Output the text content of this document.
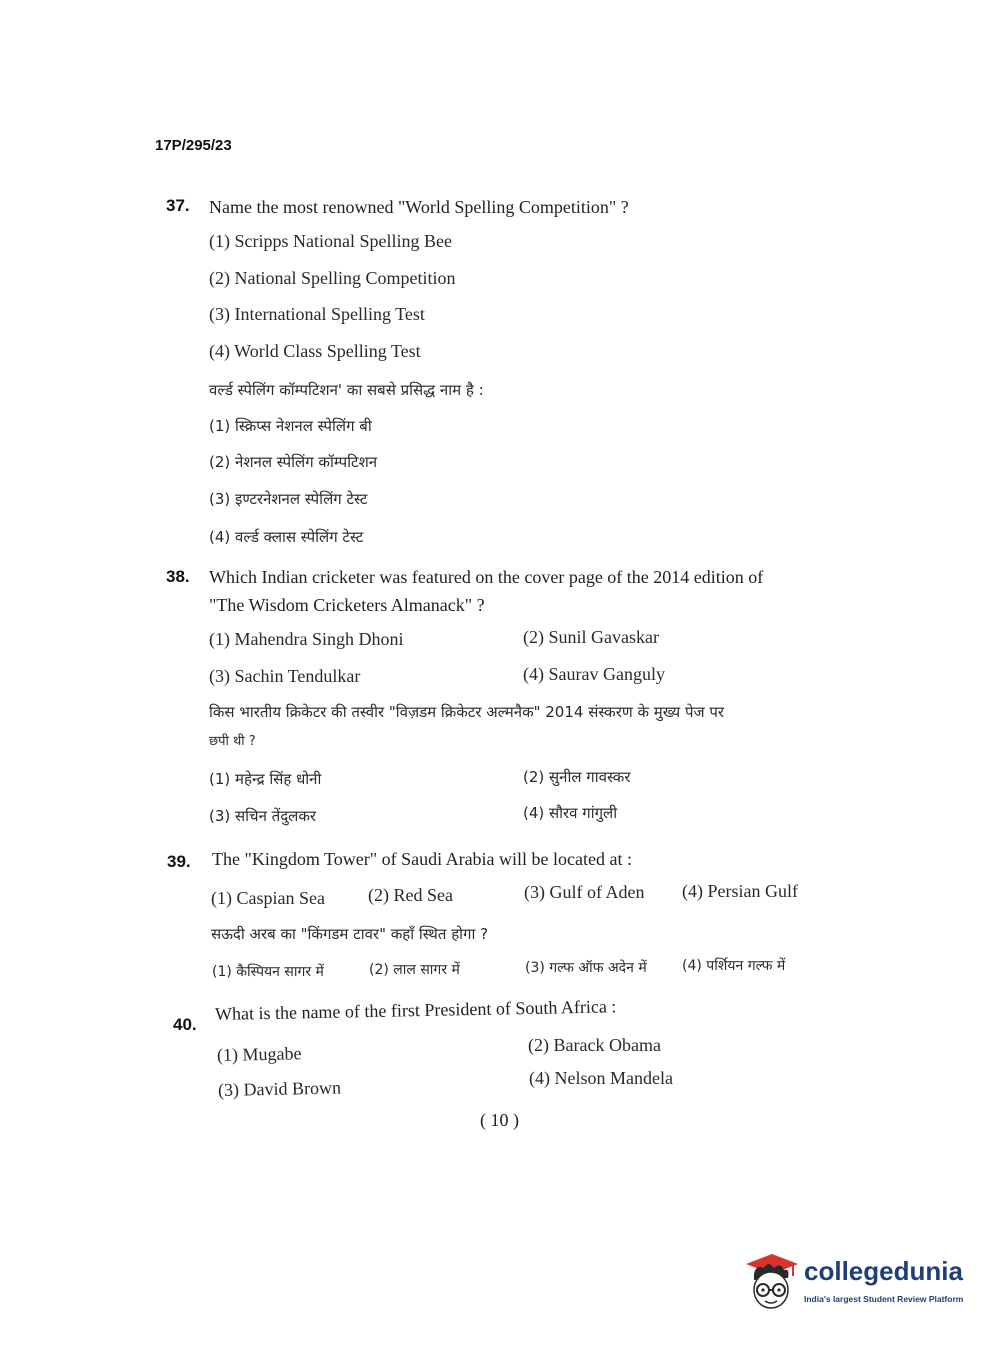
17P/295/23
37. Name the most renowned "World Spelling Competition" ?
(1) Scripps National Spelling Bee
(2) National Spelling Competition
(3) International Spelling Test
(4) World Class Spelling Test
वर्ल्ड स्पेलिंग कॉम्पटिशन' का सबसे प्रसिद्ध नाम है :
(1) स्क्रिप्स नेशनल स्पेलिंग बी
(2) नेशनल स्पेलिंग कॉम्पटिशन
(3) इण्टरनेशनल स्पेलिंग टेस्ट
(4) वर्ल्ड क्लास स्पेलिंग टेस्ट
38. Which Indian cricketer was featured on the cover page of the 2014 edition of
"The Wisdom Cricketers Almanack" ?
(1) Mahendra Singh Dhoni	(2) Sunil Gavaskar
(3) Sachin Tendulkar	(4) Saurav Ganguly
किस भारतीय क्रिकेटर की तस्वीर "विज़डम क्रिकेटर अल्मनैक" 2014 संस्करण के मुख्य पेज पर
छपी थी ?
(1) महेन्द्र सिंह धोनी	(2) सुनील गावस्कर
(3) सचिन तेंदुलकर	(4) सौरव गांगुली
39. The "Kingdom Tower" of Saudi Arabia will be located at :
(1) Caspian Sea (2) Red Sea	(3) Gulf of Aden (4) Persian Gulf
सऊदी अरब का "किंगडम टावर" कहाँ स्थित होगा ?
(1) कैस्पियन सागर में	(2) लाल सागर में	(3) गल्फ ऑफ अदेन में	(4) पर्शियन गल्फ में
40.
What is the name of the first President of South Africa :
(1) Mugabe	(2) Barack Obama
(3) David Brown	(4) Nelson Mandela
( 10 )
collegedunia
India's largest Student Review Platform
